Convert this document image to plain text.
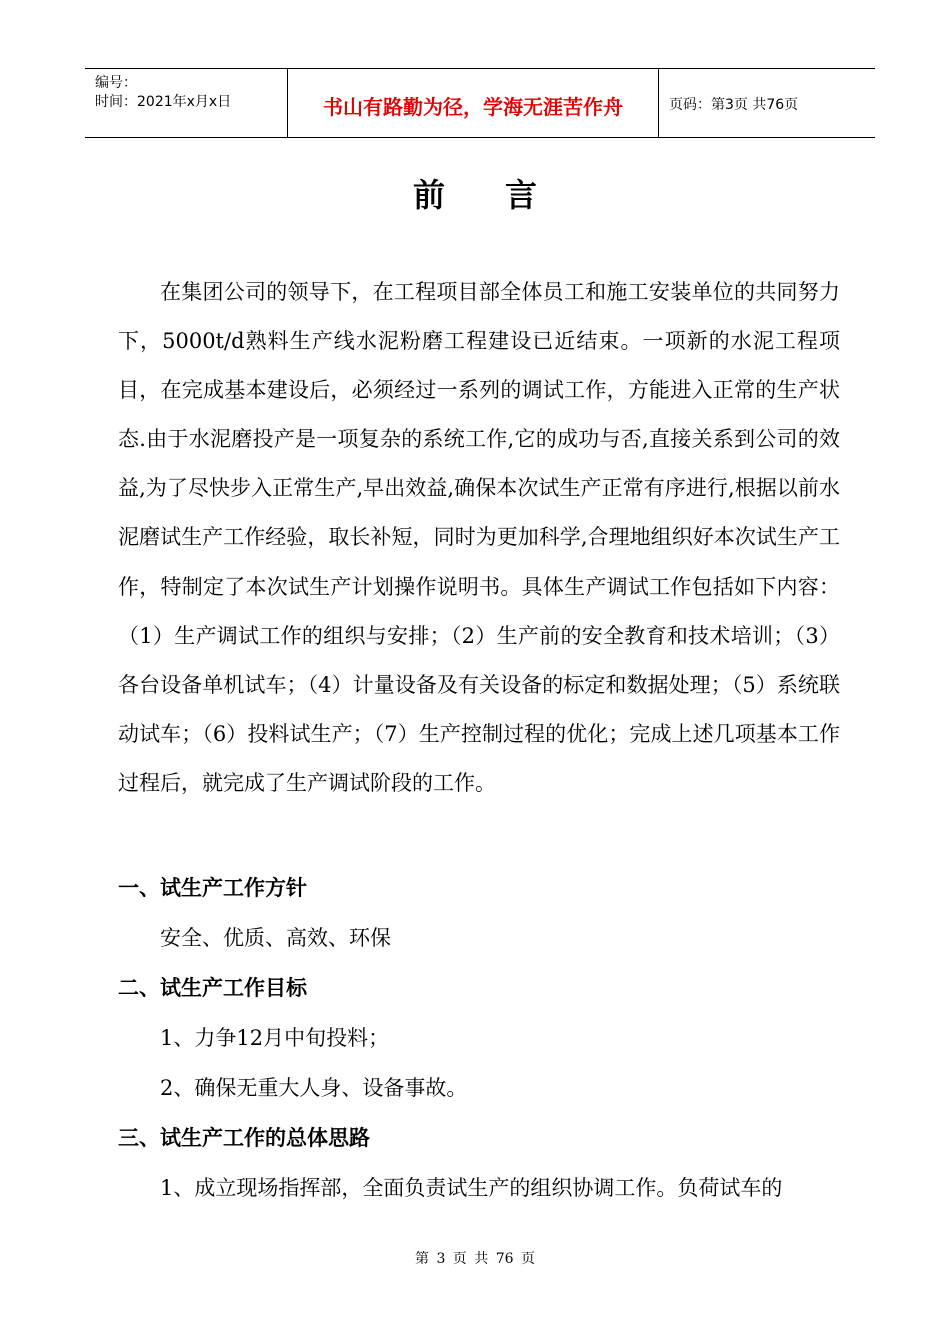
编号：
时间：2021年x月x日	书山有路勤为径，学海无涯苦作舟	页码：第3页 共76页
前言

在集团公司的领导下，在工程项目部全体员工和施工安装单位的共同努力下，5000t/d熟料生产线水泥粉磨工程建设已近结束。一项新的水泥工程项目，在完成基本建设后，必须经过一系列的调试工作，方能进入正常的生产状态.由于水泥磨投产是一项复杂的系统工作,它的成功与否,直接关系到公司的效益,为了尽快步入正常生产,早出效益,确保本次试生产正常有序进行,根据以前水泥磨试生产工作经验，取长补短，同时为更加科学,合理地组织好本次试生产工作，特制定了本次试生产计划操作说明书。具体生产调试工作包括如下内容：（1）生产调试工作的组织与安排；（2）生产前的安全教育和技术培训；（3）各台设备单机试车；（4）计量设备及有关设备的标定和数据处理；（5）系统联动试车；（6）投料试生产；（7）生产控制过程的优化；完成上述几项基本工作过程后，就完成了生产调试阶段的工作。

一、试生产工作方针
安全、优质、高效、环保
二、试生产工作目标
1、力争12月中旬投料；
2、确保无重大人身、设备事故。
三、试生产工作的总体思路
1、成立现场指挥部，全面负责试生产的组织协调工作。负荷试车的
第 3 页 共 76 页
